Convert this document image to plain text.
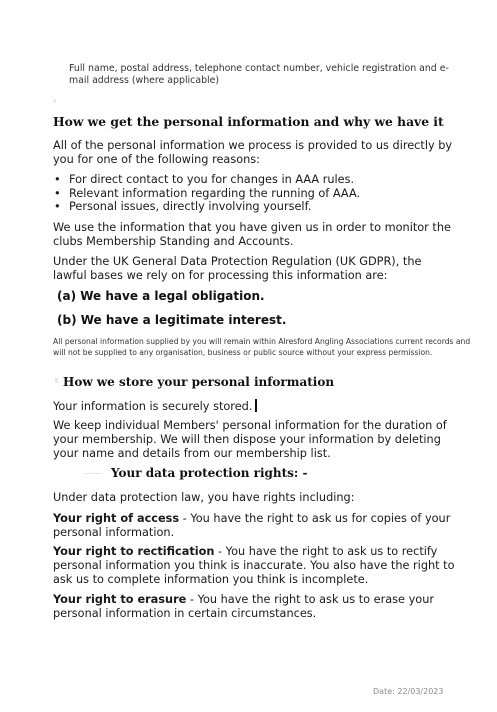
Full name, postal address, telephone contact number, vehicle registration and e-mail address (where applicable)

How we get the personal information and why we have it

All of the personal information we process is provided to us directly by you for one of the following reasons:

• For direct contact to you for changes in AAA rules.
• Relevant information regarding the running of AAA.
• Personal issues, directly involving yourself.

We use the information that you have given us in order to monitor the clubs Membership Standing and Accounts.

Under the UK General Data Protection Regulation (UK GDPR), the lawful bases we rely on for processing this information are:

(a) We have a legal obligation.

(b) We have a legitimate interest.

All personal information supplied by you will remain within Alresford Angling Associations current records and will not be supplied to any organisation, business or public source without your express permission.

How we store your personal information

Your information is securely stored.

We keep individual Members' personal information for the duration of your membership. We will then dispose your information by deleting your name and details from our membership list.

Your data protection rights: -

Under data protection law, you have rights including:

Your right of access - You have the right to ask us for copies of your personal information.

Your right to rectification - You have the right to ask us to rectify personal information you think is inaccurate. You also have the right to ask us to complete information you think is incomplete.

Your right to erasure - You have the right to ask us to erase your personal information in certain circumstances.

Date: 22/03/2023
